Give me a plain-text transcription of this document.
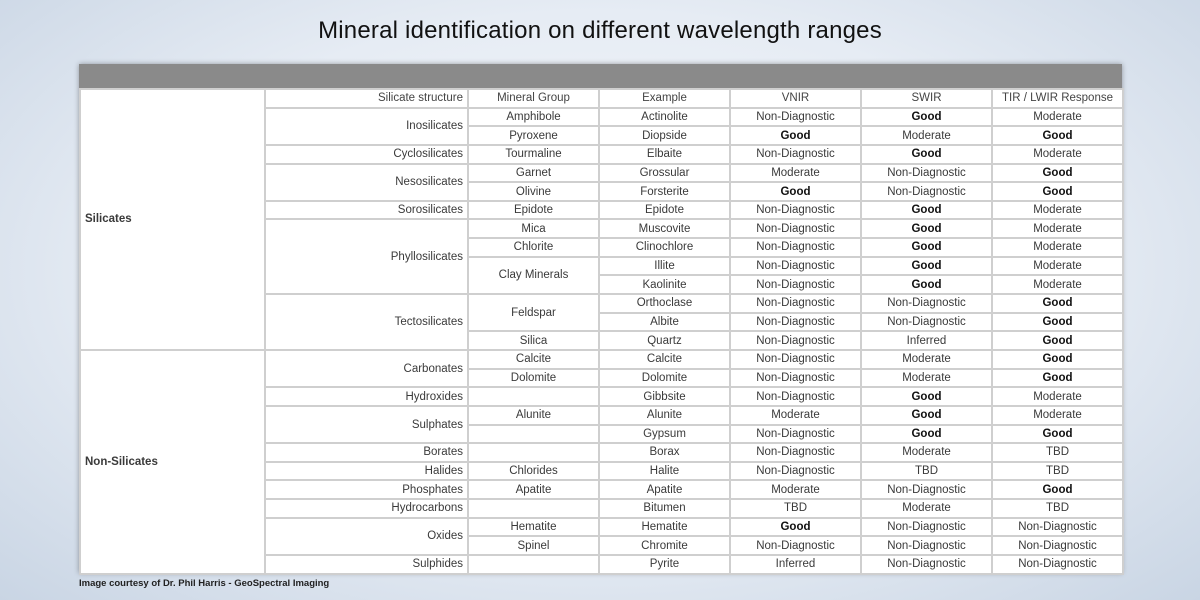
Mineral identification on different wavelength ranges
Silicates	Silicate structure	Mineral Group	Example	VNIR	SWIR	TIR / LWIR Response
	Inosilicates	Amphibole	Actinolite	Non-Diagnostic	Good	Moderate
		Pyroxene	Diopside	Good	Moderate	Good
	Cyclosilicates	Tourmaline	Elbaite	Non-Diagnostic	Good	Moderate
	Nesosilicates	Garnet	Grossular	Moderate	Non-Diagnostic	Good
		Olivine	Forsterite	Good	Non-Diagnostic	Good
	Sorosilicates	Epidote	Epidote	Non-Diagnostic	Good	Moderate
	Phyllosilicates	Mica	Muscovite	Non-Diagnostic	Good	Moderate
		Chlorite	Clinochlore	Non-Diagnostic	Good	Moderate
		Clay Minerals	Illite	Non-Diagnostic	Good	Moderate
			Kaolinite	Non-Diagnostic	Good	Moderate
	Tectosilicates	Feldspar	Orthoclase	Non-Diagnostic	Non-Diagnostic	Good
			Albite	Non-Diagnostic	Non-Diagnostic	Good
		Silica	Quartz	Non-Diagnostic	Inferred	Good
Non-Silicates	Carbonates	Calcite	Calcite	Non-Diagnostic	Moderate	Good
		Dolomite	Dolomite	Non-Diagnostic	Moderate	Good
	Hydroxides		Gibbsite	Non-Diagnostic	Good	Moderate
	Sulphates	Alunite	Alunite	Moderate	Good	Moderate
			Gypsum	Non-Diagnostic	Good	Good
	Borates		Borax	Non-Diagnostic	Moderate	TBD
	Halides	Chlorides	Halite	Non-Diagnostic	TBD	TBD
	Phosphates	Apatite	Apatite	Moderate	Non-Diagnostic	Good
	Hydrocarbons		Bitumen	TBD	Moderate	TBD
	Oxides	Hematite	Hematite	Good	Non-Diagnostic	Non-Diagnostic
		Spinel	Chromite	Non-Diagnostic	Non-Diagnostic	Non-Diagnostic
	Sulphides		Pyrite	Inferred	Non-Diagnostic	Non-Diagnostic
Image courtesy of Dr. Phil Harris - GeoSpectral Imaging
